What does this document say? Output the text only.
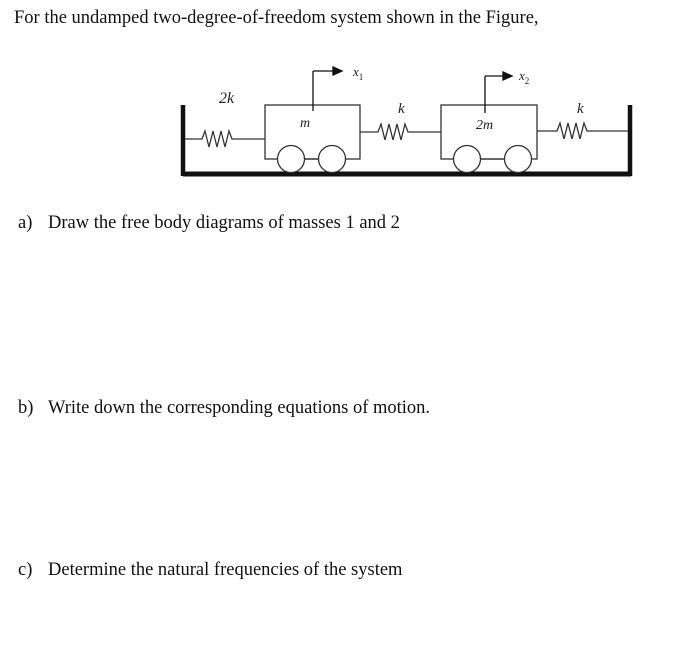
For the undamped two-degree-of-freedom system shown in the Figure,
2k
m
$x_1$
k
2m
$x_2$
k
a) Draw the free body diagrams of masses 1 and 2
b) Write down the corresponding equations of motion.
c) Determine the natural frequencies of the system
